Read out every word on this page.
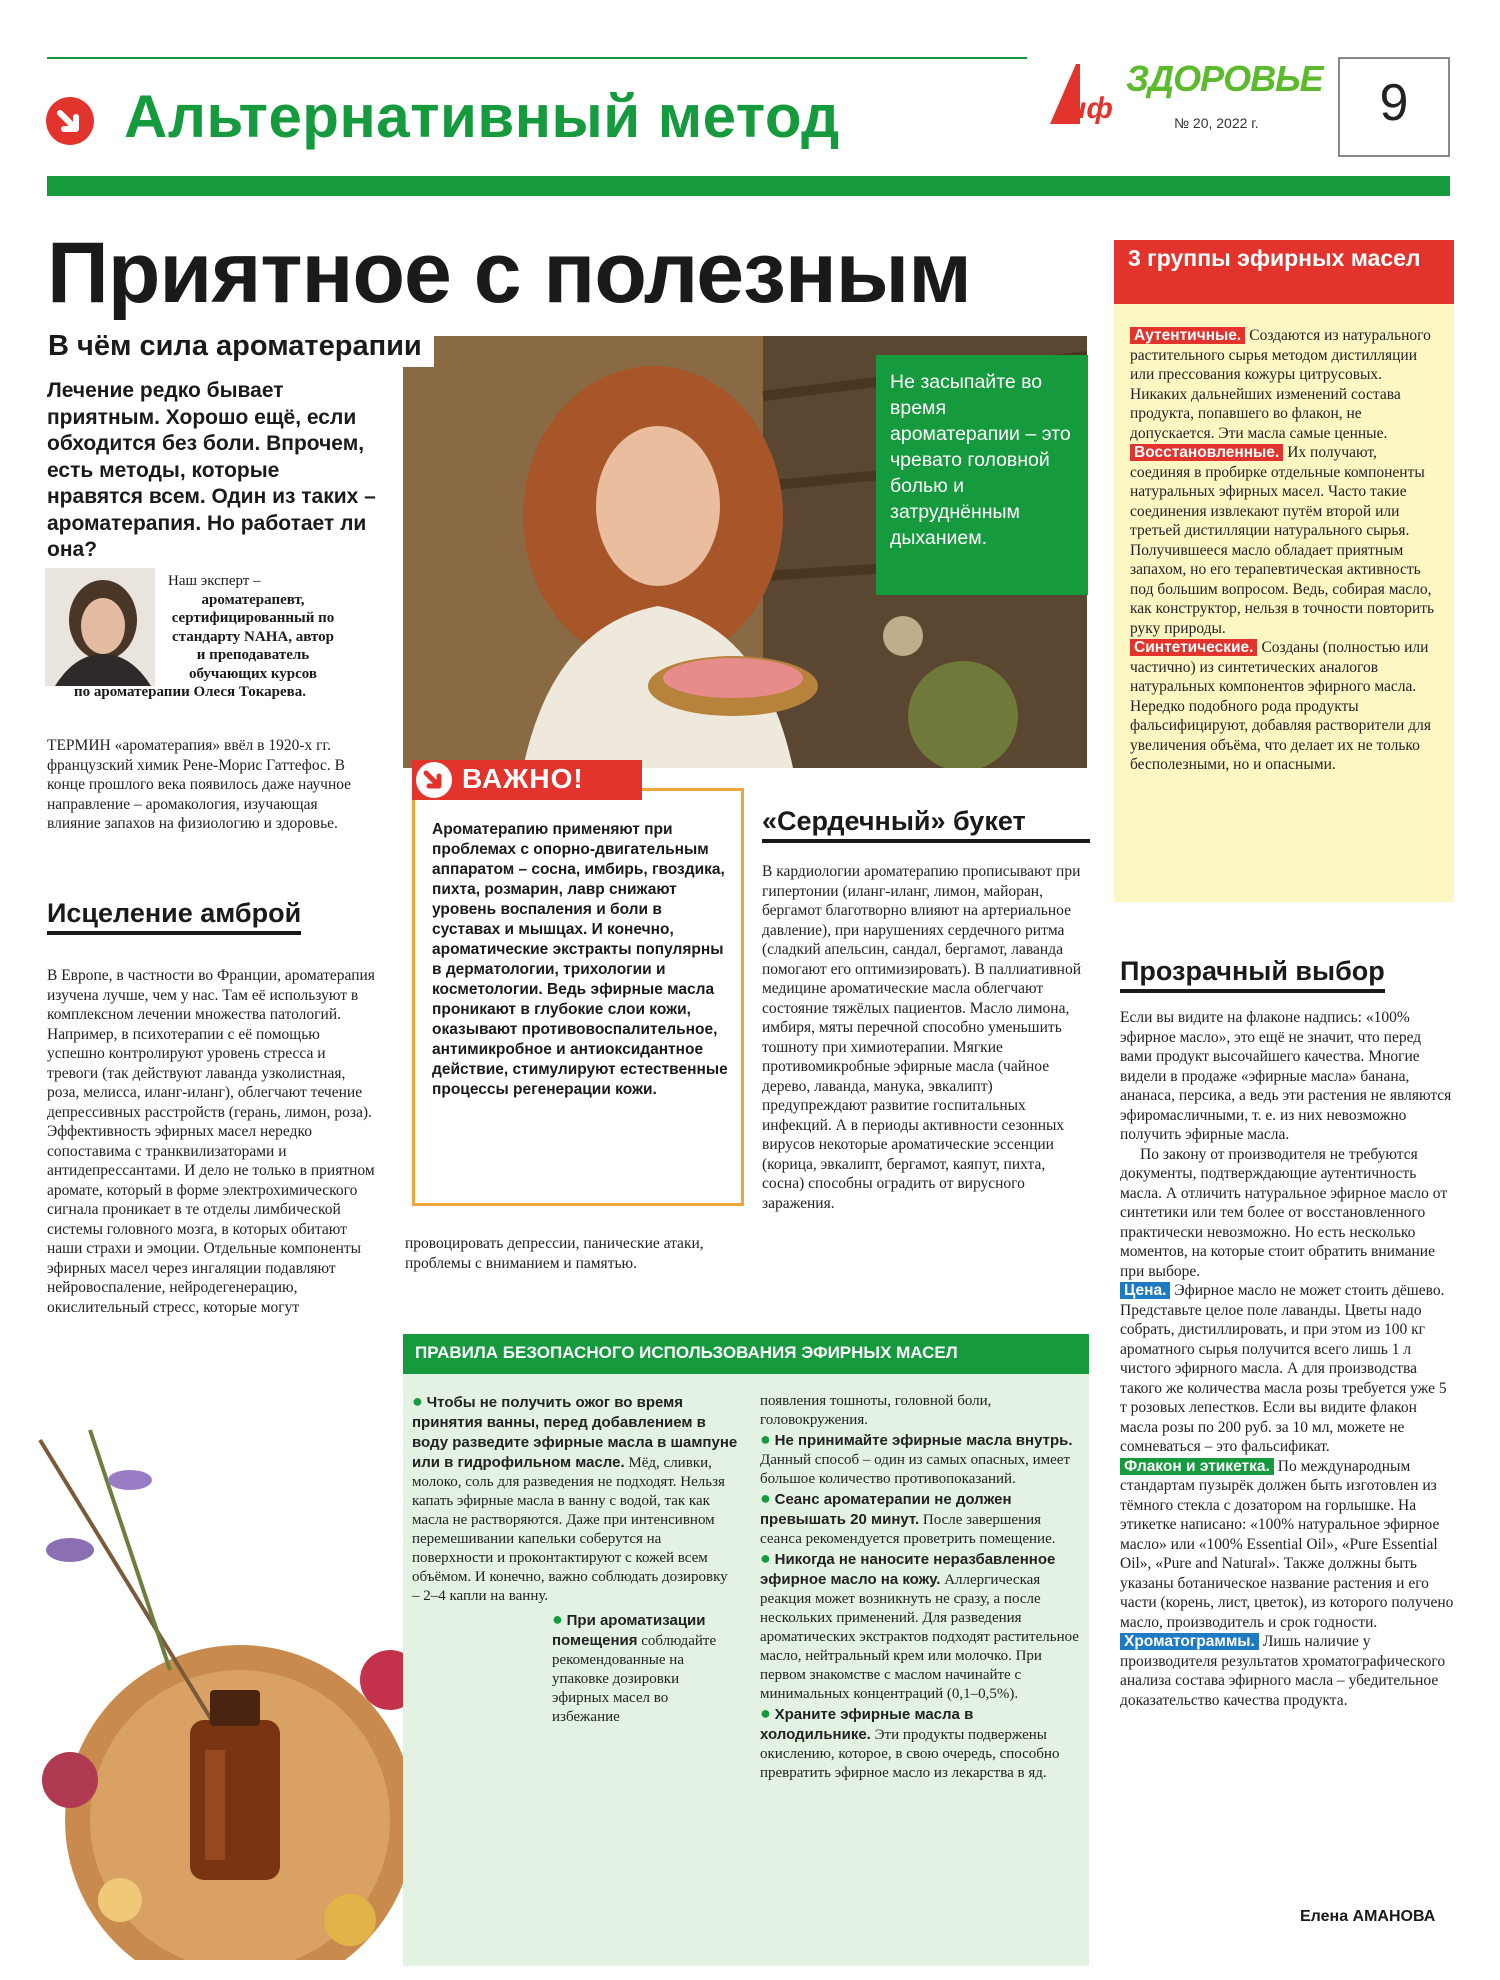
Альтернативный метод	иф
ЗДОРОВЬЕ
№ 20, 2022 г.	9
Приятное с полезным
Не засыпайте во время ароматерапии – это чревато головной болью и затруднённым дыханием.
В чём сила ароматерапии
Лечение редко бывает приятным. Хорошо ещё, если обходится без боли. Впрочем, есть методы, которые нравятся всем. Один из таких – ароматерапия. Но работает ли она?
Наш эксперт –
ароматерапевт, сертифицированный по стандарту NAHA, автор и преподаватель обучающих курсов
по ароматерапии Олеся Токарева.
ТЕРМИН «ароматерапия» ввёл в 1920-х гг. французский химик Рене-Морис Гаттефос. В конце прошлого века появилось даже научное направление – аромакология, изучающая влияние запахов на физиологию и здоровье.
Исцеление амброй
В Европе, в частности во Франции, ароматерапия изучена лучше, чем у нас. Там её используют в комплексном лечении множества патологий. Например, в психотерапии с её помощью успешно контролируют уровень стресса и тревоги (так действуют лаванда узколистная, роза, мелисса, иланг-иланг), облегчают течение депрессивных расстройств (герань, лимон, роза). Эффективность эфирных масел нередко сопоставима с транквилизаторами и антидепрессантами. И дело не только в приятном аромате, который в форме электрохимического сигнала проникает в те отделы лимбической системы головного мозга, в которых обитают наши страхи и эмоции. Отдельные компоненты эфирных масел через ингаляции подавляют нейровоспаление, нейродегенерацию, окислительный стресс, которые могут
провоцировать депрессии, панические атаки, проблемы с вниманием и памятью.
ВАЖНО!
Ароматерапию применяют при проблемах с опорно-двигательным аппаратом – сосна, имбирь, гвоздика, пихта, розмарин, лавр снижают уровень воспаления и боли в суставах и мышцах. И конечно, ароматические экстракты популярны в дерматологии, трихологии и косметологии. Ведь эфирные масла проникают в глубокие слои кожи, оказывают противовоспалительное, антимикробное и антиоксидантное действие, стимулируют естественные процессы регенерации кожи.
«Сердечный» букет
В кардиологии ароматерапию прописывают при гипертонии (иланг-иланг, лимон, майоран, бергамот благотворно влияют на артериальное давление), при нарушениях сердечного ритма (сладкий апельсин, сандал, бергамот, лаванда помогают его оптимизировать). В паллиативной медицине ароматические масла облегчают состояние тяжёлых пациентов. Масло лимона, имбиря, мяты перечной способно уменьшить тошноту при химиотерапии. Мягкие противомикробные эфирные масла (чайное дерево, лаванда, манука, эвкалипт) предупреждают развитие госпитальных инфекций. А в периоды активности сезонных вирусов некоторые ароматические эссенции (корица, эвкалипт, бергамот, каяпут, пихта, сосна) способны оградить от вирусного заражения.
3 группы эфирных масел
Аутентичные. Создаются из натурального растительного сырья методом дистилляции или прессования кожуры цитрусовых. Никаких дальнейших изменений состава продукта, попавшего во флакон, не допускается. Эти масла самые ценные.
Восстановленные. Их получают, соединяя в пробирке отдельные компоненты натуральных эфирных масел. Часто такие соединения извлекают путём второй или третьей дистилляции натурального сырья. Получившееся масло обладает приятным запахом, но его терапевтическая активность под большим вопросом. Ведь, собирая масло, как конструктор, нельзя в точности повторить руку природы.
Синтетические. Созданы (полностью или частично) из синтетических аналогов натуральных компонентов эфирного масла. Нередко подобного рода продукты фальсифицируют, добавляя растворители для увеличения объёма, что делает их не только бесполезными, но и опасными.
Прозрачный выбор
Если вы видите на флаконе надпись: «100% эфирное масло», это ещё не значит, что перед вами продукт высочайшего качества. Многие видели в продаже «эфирные масла» банана, ананаса, персика, а ведь эти растения не являются эфиромасличными, т. е. из них невозможно получить эфирные масла.
По закону от производителя не требуются документы, подтверждающие аутентичность масла. А отличить натуральное эфирное масло от синтетики или тем более от восстановленного практически невозможно. Но есть несколько моментов, на которые стоит обратить внимание при выборе.
Цена. Эфирное масло не может стоить дёшево. Представьте целое поле лаванды. Цветы надо собрать, дистиллировать, и при этом из 100 кг ароматного сырья получится всего лишь 1 л чистого эфирного масла. А для производства такого же количества масла розы требуется уже 5 т розовых лепестков. Если вы видите флакон масла розы по 200 руб. за 10 мл, можете не сомневаться – это фальсификат.
Флакон и этикетка. По международным стандартам пузырёк должен быть изготовлен из тёмного стекла с дозатором на горлышке. На этикетке написано: «100% натуральное эфирное масло» или «100% Essential Oil», «Pure Essential Oil», «Pure and Natural». Также должны быть указаны ботаническое название растения и его части (корень, лист, цветок), из которого получено масло, производитель и срок годности.
Хроматограммы. Лишь наличие у производителя результатов хроматографического анализа состава эфирного масла – убедительное доказательство качества продукта.
Елена АМАНОВА
ПРАВИЛА БЕЗОПАСНОГО ИСПОЛЬЗОВАНИЯ ЭФИРНЫХ МАСЕЛ
● Чтобы не получить ожог во время принятия ванны, перед добавлением в воду разведите эфирные масла в шампуне или в гидрофильном масле. Мёд, сливки, молоко, соль для разведения не подходят. Нельзя капать эфирные масла в ванну с водой, так как масла не растворяются. Даже при интенсивном перемешивании капельки соберутся на поверхности и проконтактируют с кожей всем объёмом. И конечно, важно соблюдать дозировку – 2–4 капли на ванну.
● При ароматизации помещения соблюдайте рекомендованные на упаковке дозировки эфирных масел во избежание
появления тошноты, головной боли, головокружения.
● Не принимайте эфирные масла внутрь. Данный способ – один из самых опасных, имеет большое количество противопоказаний.
● Сеанс ароматерапии не должен превышать 20 минут. После завершения сеанса рекомендуется проветрить помещение.
● Никогда не наносите неразбавленное эфирное масло на кожу. Аллергическая реакция может возникнуть не сразу, а после нескольких применений. Для разведения ароматических экстрактов подходят растительное масло, нейтральный крем или молочко. При первом знакомстве с маслом начинайте с минимальных концентраций (0,1–0,5%).
● Храните эфирные масла в холодильнике. Эти продукты подвержены окислению, которое, в свою очередь, способно превратить эфирное масло из лекарства в яд.
